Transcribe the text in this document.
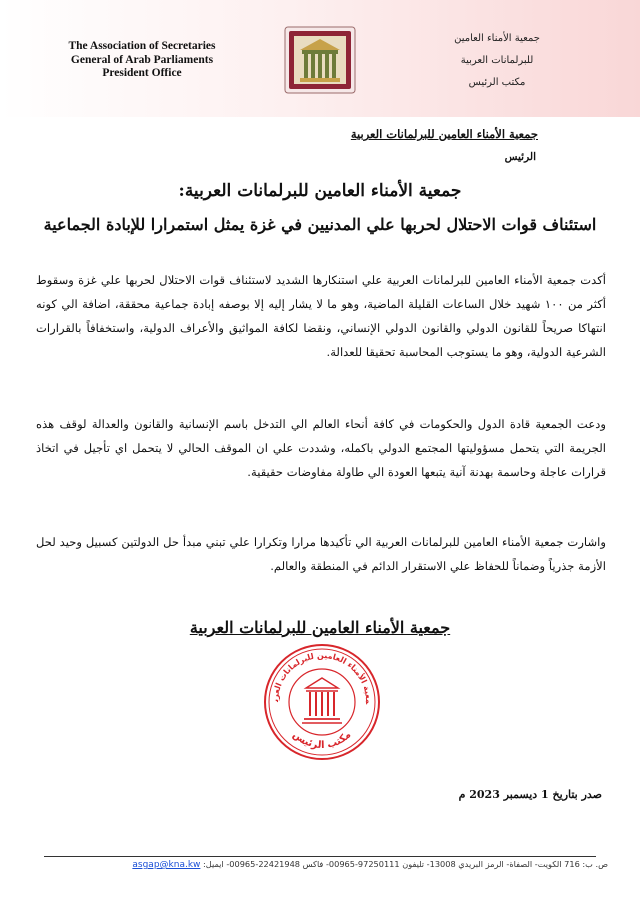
The Association of Secretaries
General of Arab Parliaments
President Office
جمعية الأمناء العامين
للبرلمانات العربية
مكتب الرئيس
جمعية الأمناء العامين للبرلمانات العربية
الرئيس
جمعية الأمناء العامين للبرلمانات العربية:
استئناف قوات الاحتلال لحربها علي المدنيين في غزة يمثل استمرارا للإبادة الجماعية
أكدت جمعية الأمناء العامين للبرلمانات العربية علي استنكارها الشديد لاستئناف قوات الاحتلال لحربها علي غزة وسقوط أكثر من ١٠٠ شهيد خلال الساعات القليلة الماضية، وهو ما لا يشار إليه إلا بوصفه إبادة جماعية محققة، اضافة الي كونه انتهاكا صريحاً للقانون الدولي والقانون الدولي الإنساني، ونقضا لكافة المواثيق والأعراف الدولية، واستخفافاً بالقرارات الشرعية الدولية، وهو ما يستوجب المحاسبة تحقيقا للعدالة.
ودعت الجمعية قادة الدول والحكومات في كافة أنحاء العالم الي التدخل باسم الإنسانية والقانون والعدالة لوقف هذه الجريمة التي يتحمل مسؤوليتها المجتمع الدولي باكمله، وشددت علي ان الموقف الحالي لا يتحمل اي تأجيل في اتخاذ قرارات عاجلة وحاسمة بهدنة آنية يتبعها العودة الي طاولة مفاوضات حقيقية.
واشارت جمعية الأمناء العامين للبرلمانات العربية الي تأكيدها مرارا وتكرارا علي تبني مبدأ حل الدولتين كسبيل وحيد لحل الأزمة جذرياً وضماناً للحفاظ علي الاستقرار الدائم في المنطقة والعالم.
جمعية الأمناء العامين للبرلمانات العربية
معية الأمناء العامين للبرلمانات العرب
مكتب الرئيس
صدر بتاريخ 1 ديسمبر 2023 م
ص. ب: 716 الكويت- الصفاة- الرمز البريدي 13008- تليفون 97250111-00965- فاكس 22421948-00965- ايميل: asgap@kna.kw
